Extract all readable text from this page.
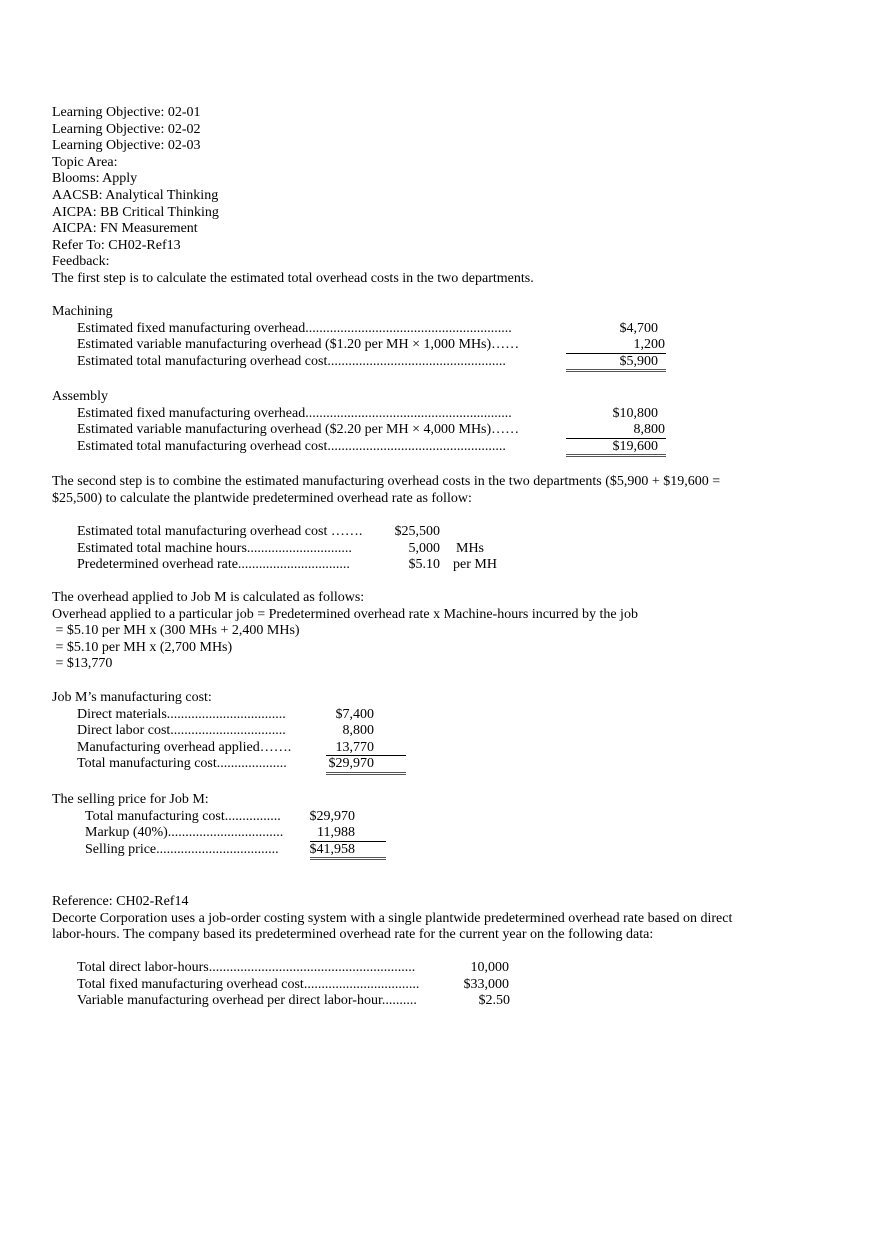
Learning Objective: 02-01
Learning Objective: 02-02
Learning Objective: 02-03
Topic Area:
Blooms: Apply
AACSB: Analytical Thinking
AICPA: BB Critical Thinking
AICPA: FN Measurement
Refer To: CH02-Ref13
Feedback:
The first step is to calculate the estimated total overhead costs in the two departments.
Machining
Estimated fixed manufacturing overhead...........................................................	$4,700
Estimated variable manufacturing overhead ($1.20 per MH × 1,000 MHs)……	1,200
Estimated total manufacturing overhead cost...................................................	$5,900
Assembly
Estimated fixed manufacturing overhead...........................................................	$10,800
Estimated variable manufacturing overhead ($2.20 per MH × 4,000 MHs)……	8,800
Estimated total manufacturing overhead cost...................................................	$19,600
The second step is to combine the estimated manufacturing overhead costs in the two departments ($5,900 + $19,600 = $25,500) to calculate the plantwide predetermined overhead rate as follow:
Estimated total manufacturing overhead cost …….	$25,500
Estimated total machine hours..............................	5,000 MHs
Predetermined overhead rate................................	$5.10 per MH
The overhead applied to Job M is calculated as follows:
Overhead applied to a particular job = Predetermined overhead rate x Machine-hours incurred by the job
= $5.10 per MH x (300 MHs + 2,400 MHs)
= $5.10 per MH x (2,700 MHs)
= $13,770
Job M’s manufacturing cost:
Direct materials..................................	$7,400
Direct labor cost.................................	8,800
Manufacturing overhead applied…….	13,770
Total manufacturing cost....................	$29,970
The selling price for Job M:
Total manufacturing cost................	$29,970
Markup (40%).................................	11,988
Selling price...................................	$41,958
Reference: CH02-Ref14
Decorte Corporation uses a job-order costing system with a single plantwide predetermined overhead rate based on direct labor-hours. The company based its predetermined overhead rate for the current year on the following data:
Total direct labor-hours...........................................................	10,000
Total fixed manufacturing overhead cost.................................	$33,000
Variable manufacturing overhead per direct labor-hour..........	$2.50
